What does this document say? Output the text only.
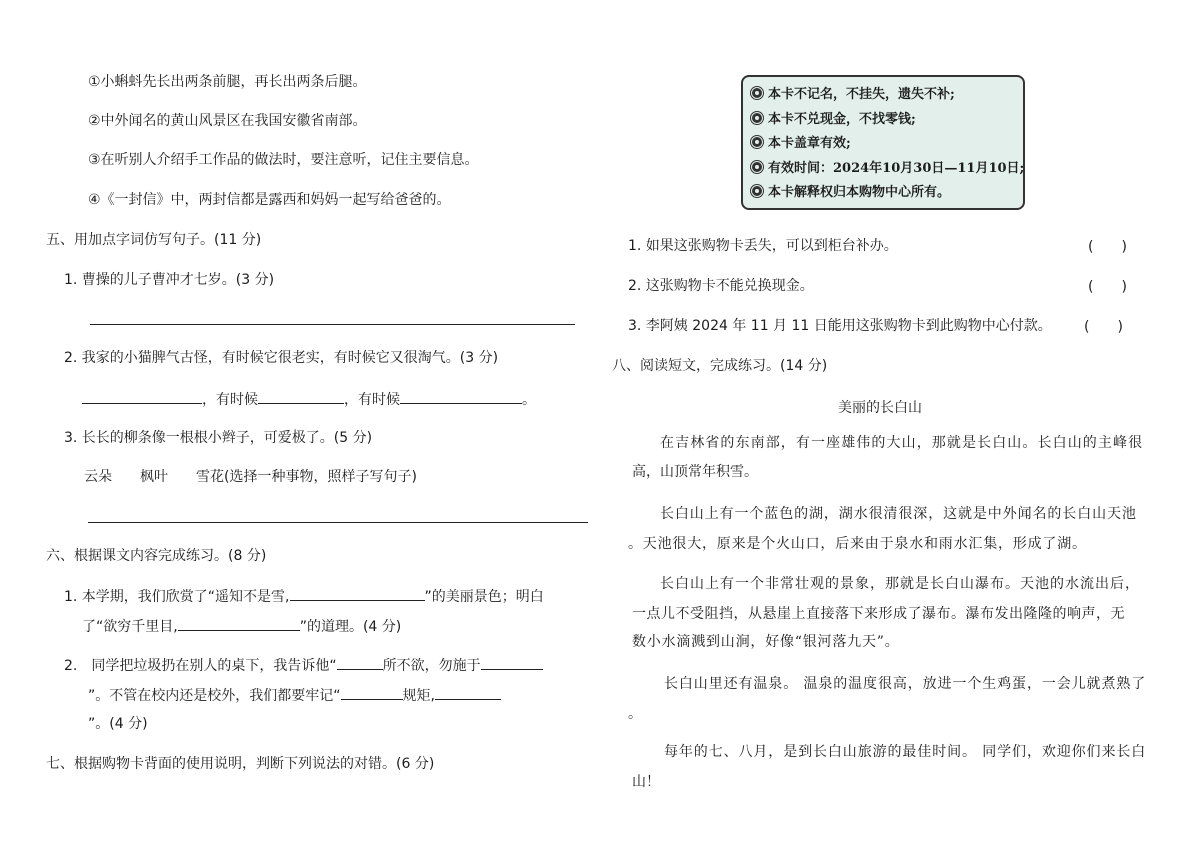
①小蝌蚪先长出两条前腿，再长出两条后腿。
②中外闻名的黄山风景区在我国安徽省南部。
③在听别人介绍手工作品的做法时，要注意听，记住主要信息。
④《一封信》中，两封信都是露西和妈妈一起写给爸爸的。
五、用加点字词仿写句子。(11 分)
1. 曹操的儿子曹冲才七岁。(3 分)
2. 我家的小猫脾气古怪，有时候它很老实，有时候它又很淘气。(3 分)
，有时候	，有时候	。
3. 长长的柳条像一根根小辫子，可爱极了。(5 分)
云朵　　枫叶　　雪花(选择一种事物，照样子写句子)
六、根据课文内容完成练习。(8 分)
1. 本学期，我们欣赏了“遥知不是雪,	”的美丽景色；明白
了“欲穷千里目,	”的道理。(4 分)
2.　同学把垃圾扔在别人的桌下，我告诉他“	所不欲，勿施于
”。不管在校内还是校外，我们都要牢记“	规矩,
”。(4 分)
七、根据购物卡背面的使用说明，判断下列说法的对错。(6 分)
本卡不记名，不挂失，遗失不补;
本卡不兑现金，不找零钱;
本卡盖章有效;
有效时间：2024年10月30日—11月10日;
本卡解释权归本购物中心所有。
1. 如果这张购物卡丢失，可以到柜台补办。	(　　)
2. 这张购物卡不能兑换现金。	(　　)
3. 李阿姨 2024 年 11 月 11 日能用这张购物卡到此购物中心付款。 (　　)
八、阅读短文，完成练习。(14 分)
美丽的长白山
在吉林省的东南部，有一座雄伟的大山，那就是长白山。长白山的主峰很
高，山顶常年积雪。
长白山上有一个蓝色的湖，湖水很清很深，这就是中外闻名的长白山天池
。天池很大，原来是个火山口，后来由于泉水和雨水汇集，形成了湖。
长白山上有一个非常壮观的景象，那就是长白山瀑布。天池的水流出后，
一点儿不受阻挡，从悬崖上直接落下来形成了瀑布。瀑布发出隆隆的响声，无
数小水滴溅到山涧，好像“银河落九天”。
长白山里还有温泉。 温泉的温度很高，放进一个生鸡蛋，一会儿就煮熟了
。
每年的七、八月，是到长白山旅游的最佳时间。 同学们，欢迎你们来长白
山！
